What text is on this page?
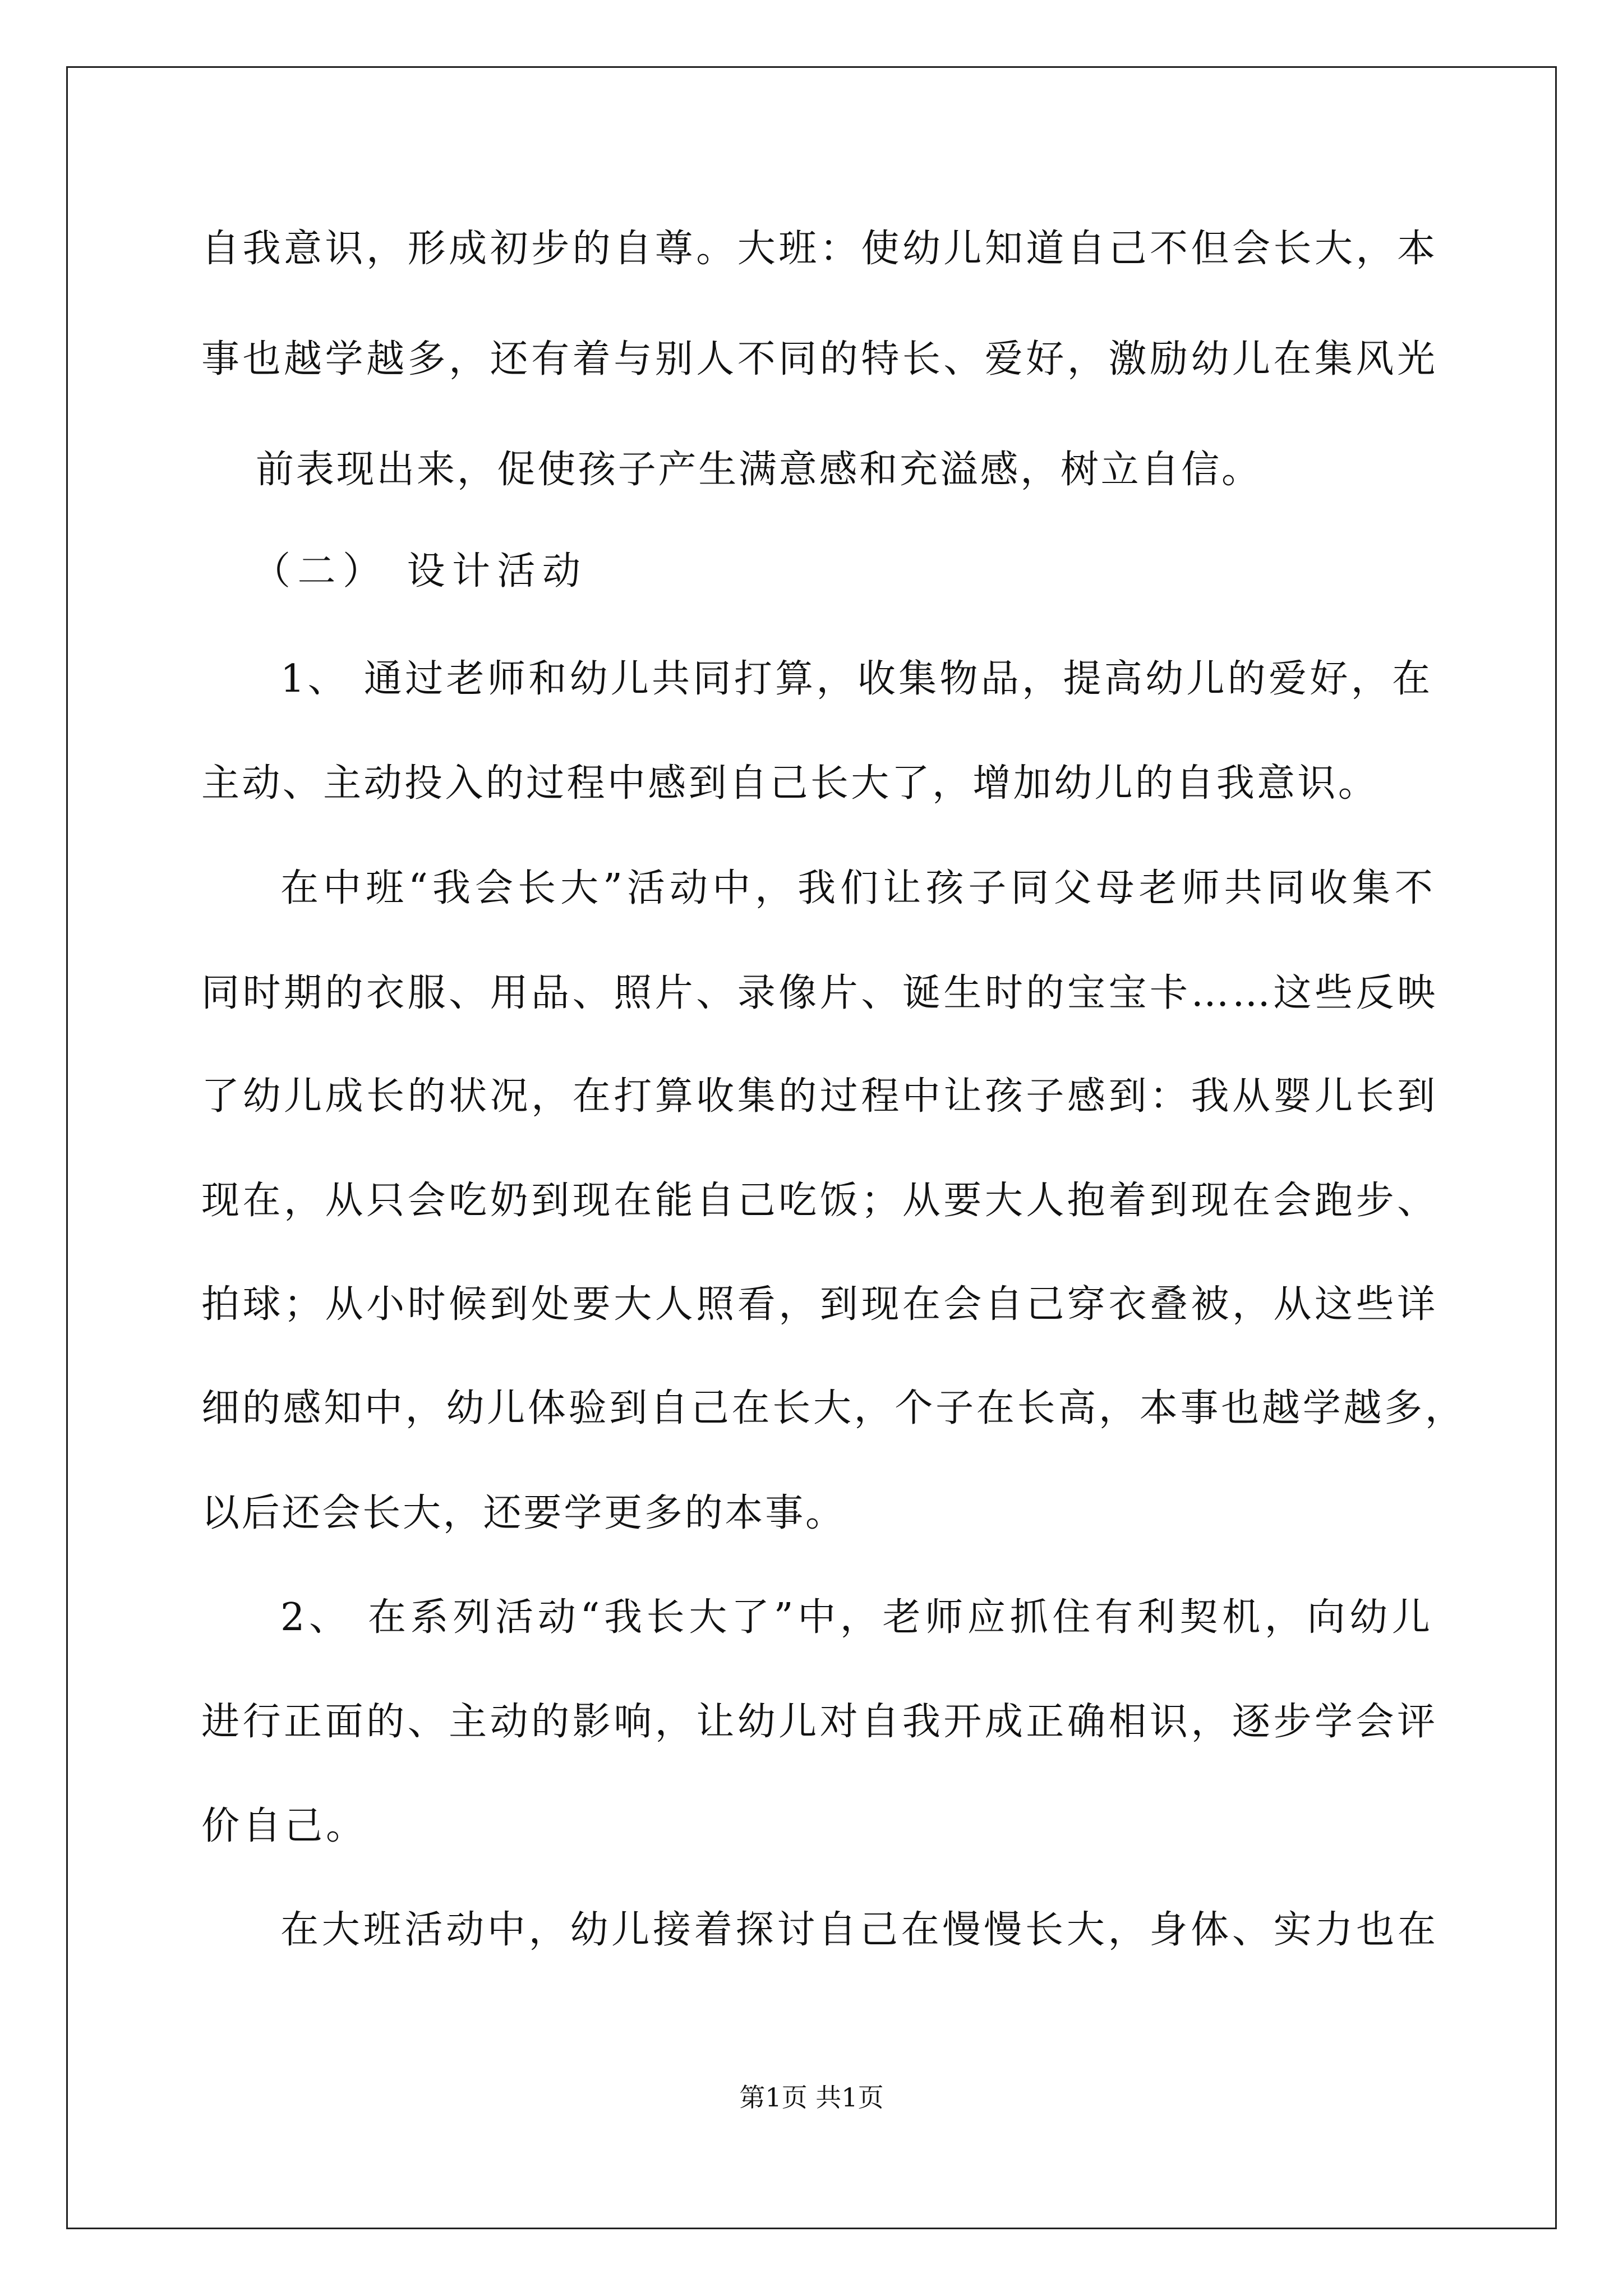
自我意识，形成初步的自尊。大班：使幼儿知道自己不但会长大，本
事也越学越多，还有着与别人不同的特长、爱好，激励幼儿在集风光
前表现出来，促使孩子产生满意感和充溢感，树立自信。
（二） 设计活动
1、 通过老师和幼儿共同打算，收集物品，提高幼儿的爱好，在
主动、主动投入的过程中感到自己长大了，增加幼儿的自我意识。
在中班“我会长大”活动中，我们让孩子同父母老师共同收集不
同时期的衣服、用品、照片、录像片、诞生时的宝宝卡……这些反映
了幼儿成长的状况，在打算收集的过程中让孩子感到：我从婴儿长到
现在，从只会吃奶到现在能自己吃饭；从要大人抱着到现在会跑步、
拍球；从小时候到处要大人照看，到现在会自己穿衣叠被，从这些详
细的感知中，幼儿体验到自己在长大，个子在长高，本事也越学越多，
以后还会长大，还要学更多的本事。
2、 在系列活动“我长大了”中，老师应抓住有利契机，向幼儿
进行正面的、主动的影响，让幼儿对自我开成正确相识，逐步学会评
价自己。
在大班活动中，幼儿接着探讨自己在慢慢长大，身体、实力也在
第1页 共1页
